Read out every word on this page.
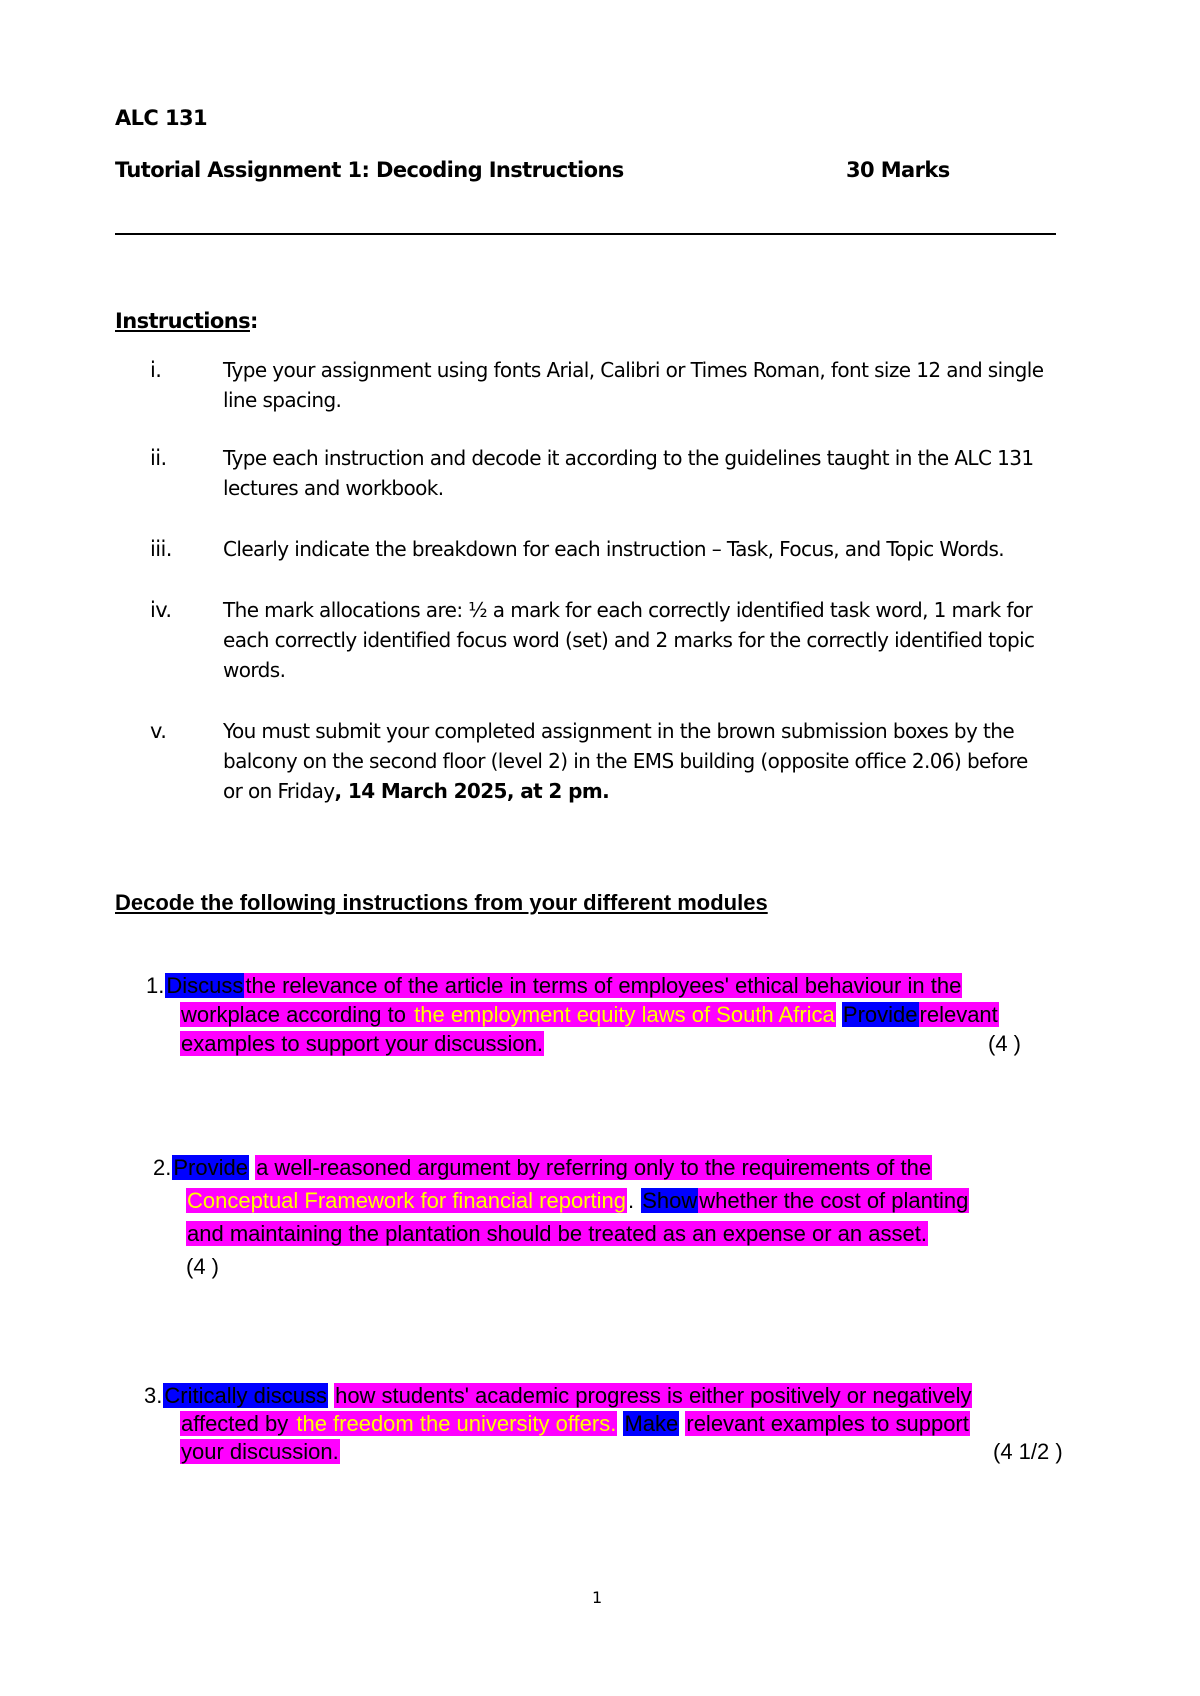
ALC 131
Tutorial Assignment 1: Decoding Instructions	30 Marks
Instructions:
i.	Type your assignment using fonts Arial, Calibri or Times Roman, font size 12 and single
line spacing.
ii.	Type each instruction and decode it according to the guidelines taught in the ALC 131
lectures and workbook.
iii.	Clearly indicate the breakdown for each instruction – Task, Focus, and Topic Words.
iv.	The mark allocations are: ½ a mark for each correctly identified task word, 1 mark for
each correctly identified focus word (set) and 2 marks for the correctly identified topic
words.
v.	You must submit your completed assignment in the brown submission boxes by the
balcony on the second floor (level 2) in the EMS building (opposite office 2.06) before
or on Friday, 14 March 2025, at 2 pm.
Decode the following instructions from your different modules
1.Discussthe relevance of the article in terms of employees' ethical behaviour in the
workplace according to the employment equity laws of South Africa Providerelevant
examples to support your discussion.	(4 )
2.Provide a well-reasoned argument by referring only to the requirements of the
Conceptual Framework for financial reporting. Showwhether the cost of planting
and maintaining the plantation should be treated as an expense or an asset.
(4 )
3.Critically discuss how students' academic progress is either positively or negatively
affected by the freedom the university offers. Make relevant examples to support
your discussion.	(4 1/2 )
1
